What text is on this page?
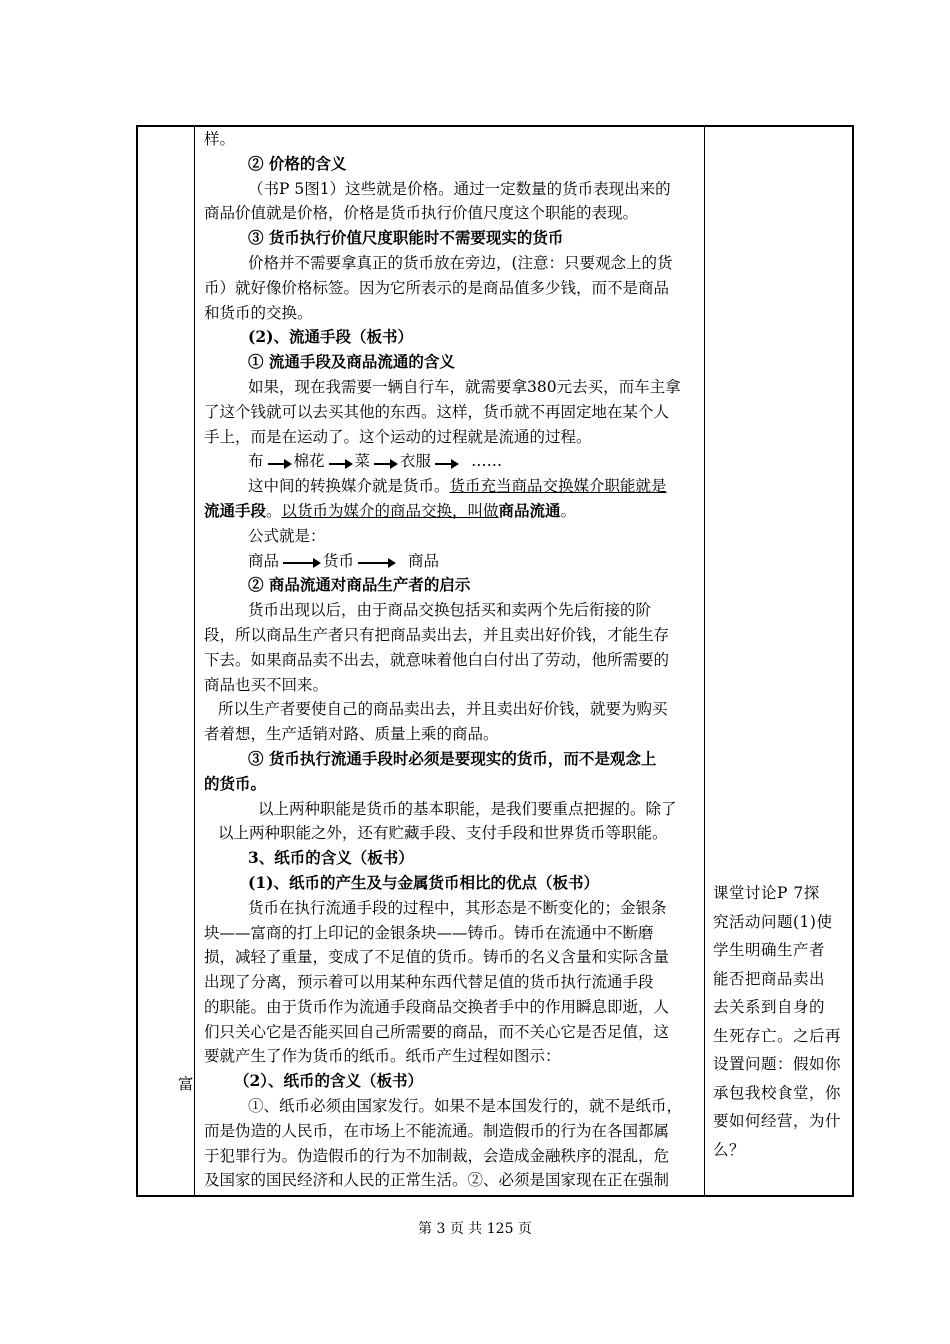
富
样。
② 价格的含义
（书P 5图1）这些就是价格。通过一定数量的货币表现出来的
商品价值就是价格，价格是货币执行价值尺度这个职能的表现。
③ 货币执行价值尺度职能时不需要现实的货币
价格并不需要拿真正的货币放在旁边，(注意：只要观念上的货
币）就好像价格标签。因为它所表示的是商品值多少钱，而不是商品
和货币的交换。
(2)、流通手段（板书）
① 流通手段及商品流通的含义
如果，现在我需要一辆自行车，就需要拿380元去买，而车主拿
了这个钱就可以去买其他的东西。这样，货币就不再固定地在某个人
手上，而是在运动了。这个运动的过程就是流通的过程。
布 棉花 菜 衣服	……
这中间的转换媒介就是货币。货币充当商品交换媒介职能就是
流通手段。以货币为媒介的商品交换，叫做商品流通。
公式就是：
商品	货币	商品
② 商品流通对商品生产者的启示
货币出现以后，由于商品交换包括买和卖两个先后衔接的阶
段，所以商品生产者只有把商品卖出去，并且卖出好价钱，才能生存
下去。如果商品卖不出去，就意味着他白白付出了劳动，他所需要的
商品也买不回来。
所以生产者要使自己的商品卖出去，并且卖出好价钱，就要为购买
者着想，生产适销对路、质量上乘的商品。
③ 货币执行流通手段时必须是要现实的货币，而不是观念上
的货币。
以上两种职能是货币的基本职能，是我们要重点把握的。除了
以上两种职能之外，还有贮藏手段、支付手段和世界货币等职能。
3、纸币的含义（板书）
(1)、纸币的产生及与金属货币相比的优点（板书）
货币在执行流通手段的过程中，其形态是不断变化的；金银条
块——富商的打上印记的金银条块——铸币。铸币在流通中不断磨
损，减轻了重量，变成了不足值的货币。铸币的名义含量和实际含量
出现了分离，预示着可以用某种东西代替足值的货币执行流通手段
的职能。由于货币作为流通手段商品交换者手中的作用瞬息即逝，人
们只关心它是否能买回自己所需要的商品，而不关心它是否足值，这
要就产生了作为货币的纸币。纸币产生过程如图示：
（2）、纸币的含义（板书）
①、纸币必须由国家发行。如果不是本国发行的，就不是纸币，
而是伪造的人民币，在市场上不能流通。制造假币的行为在各国都属
于犯罪行为。伪造假币的行为不加制裁，会造成金融秩序的混乱，危
及国家的国民经济和人民的正常生活。②、必须是国家现在正在强制
课堂讨论P 7探
究活动问题(1)使
学生明确生产者
能否把商品卖出
去关系到自身的
生死存亡。之后再
设置问题：假如你
承包我校食堂，你
要如何经营，为什
么？
第 3 页 共 125 页
